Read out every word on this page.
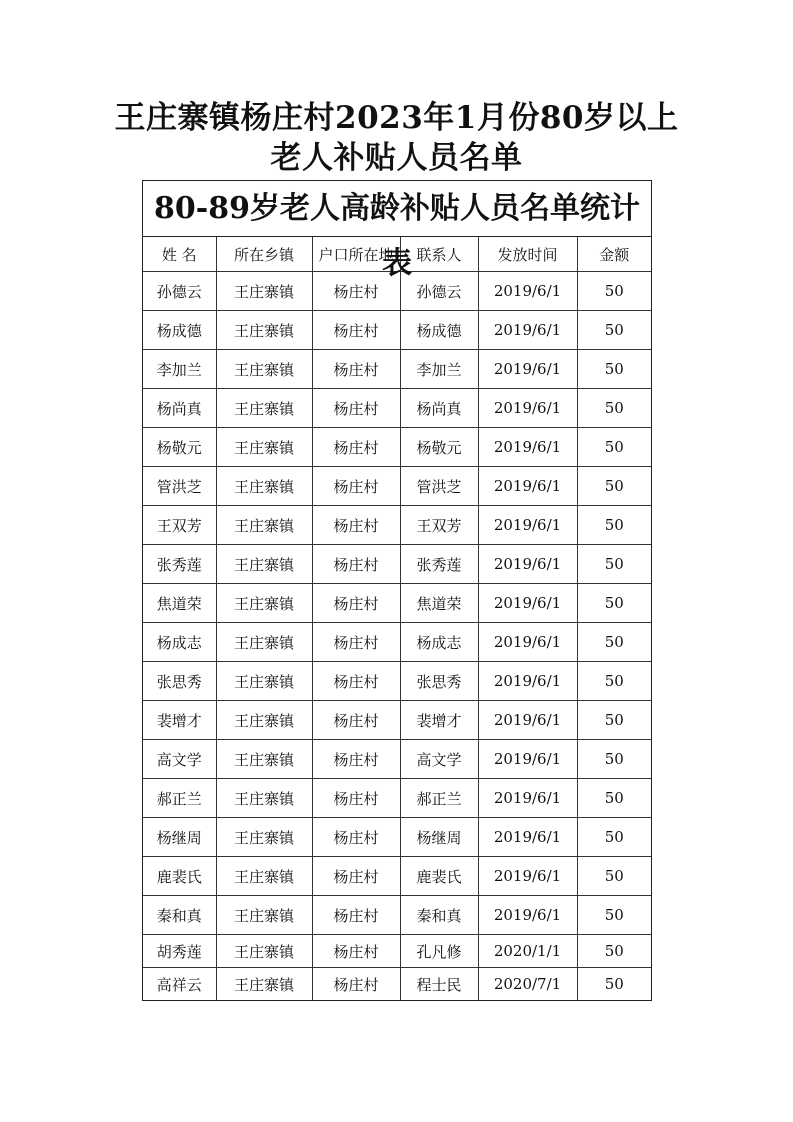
王庄寨镇杨庄村2023年1月份80岁以上
老人补贴人员名单
80-89岁老人高龄补贴人员名单统计表
姓 名	所在乡镇	户口所在地	联系人	发放时间	金额
孙德云	王庄寨镇	杨庄村	孙德云	2019/6/1	50
杨成德	王庄寨镇	杨庄村	杨成德	2019/6/1	50
李加兰	王庄寨镇	杨庄村	李加兰	2019/6/1	50
杨尚真	王庄寨镇	杨庄村	杨尚真	2019/6/1	50
杨敬元	王庄寨镇	杨庄村	杨敬元	2019/6/1	50
管洪芝	王庄寨镇	杨庄村	管洪芝	2019/6/1	50
王双芳	王庄寨镇	杨庄村	王双芳	2019/6/1	50
张秀莲	王庄寨镇	杨庄村	张秀莲	2019/6/1	50
焦道荣	王庄寨镇	杨庄村	焦道荣	2019/6/1	50
杨成志	王庄寨镇	杨庄村	杨成志	2019/6/1	50
张思秀	王庄寨镇	杨庄村	张思秀	2019/6/1	50
裴增才	王庄寨镇	杨庄村	裴增才	2019/6/1	50
高文学	王庄寨镇	杨庄村	高文学	2019/6/1	50
郝正兰	王庄寨镇	杨庄村	郝正兰	2019/6/1	50
杨继周	王庄寨镇	杨庄村	杨继周	2019/6/1	50
鹿裴氏	王庄寨镇	杨庄村	鹿裴氏	2019/6/1	50
秦和真	王庄寨镇	杨庄村	秦和真	2019/6/1	50
胡秀莲	王庄寨镇	杨庄村	孔凡修	2020/1/1	50
高祥云	王庄寨镇	杨庄村	程士民	2020/7/1	50
